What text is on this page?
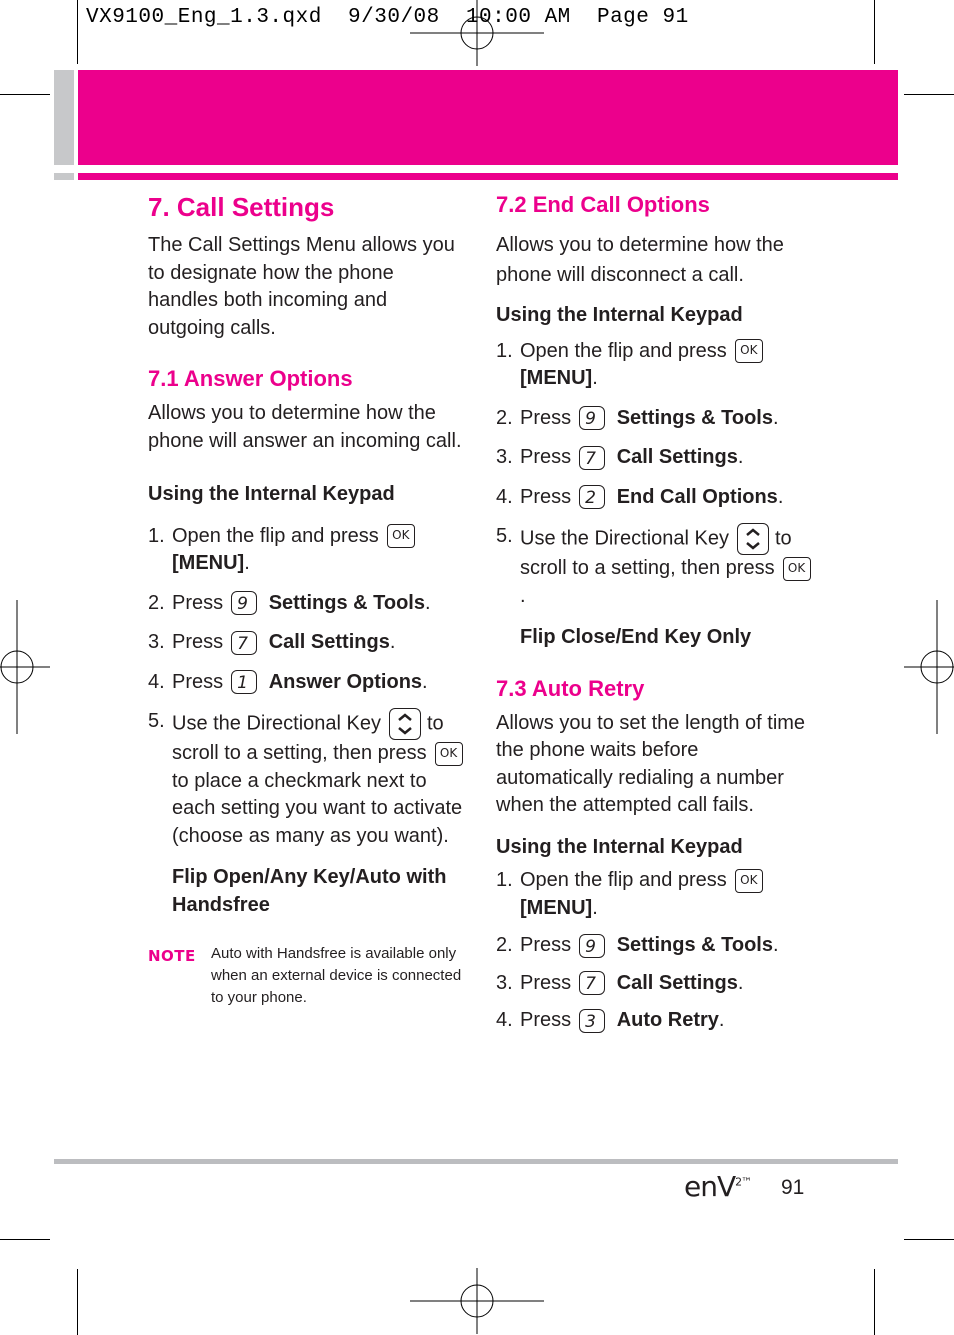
VX9100_Eng_1.3.qxd  9/30/08  10:00 AM  Page 91
7. Call Settings

The Call Settings Menu allows you to designate how the phone handles both incoming and outgoing calls.

7.1 Answer Options

Allows you to determine how the phone will answer an incoming call.

Using the Internal Keypad

1. Open the flip and press OK
[MENU].
2. Press 9 Settings & Tools.
3. Press 7 Call Settings.
4. Press 1 Answer Options.
5. Use the Directional Key to
scroll to a setting, then press OK
to place a checkmark next to each setting you want to activate (choose as many as you want).

Flip Open/Any Key/Auto with Handsfree

NOTE	Auto with Handsfree is available only when an external device is connected to your phone.

7.2 End Call Options

Allows you to determine how the phone will disconnect a call.

Using the Internal Keypad

1. Open the flip and press OK
[MENU].
2. Press 9 Settings & Tools.
3. Press 7 Call Settings.
4. Press 2 End Call Options.
5. Use the Directional Key to
scroll to a setting, then press OK.

Flip Close/End Key Only

7.3 Auto Retry

Allows you to set the length of time the phone waits before automatically redialing a number when the attempted call fails.

Using the Internal Keypad

1. Open the flip and press OK
[MENU].
2. Press 9 Settings & Tools.
3. Press 7 Call Settings.
4. Press 3 Auto Retry.
enV$^{2™}$ 91
